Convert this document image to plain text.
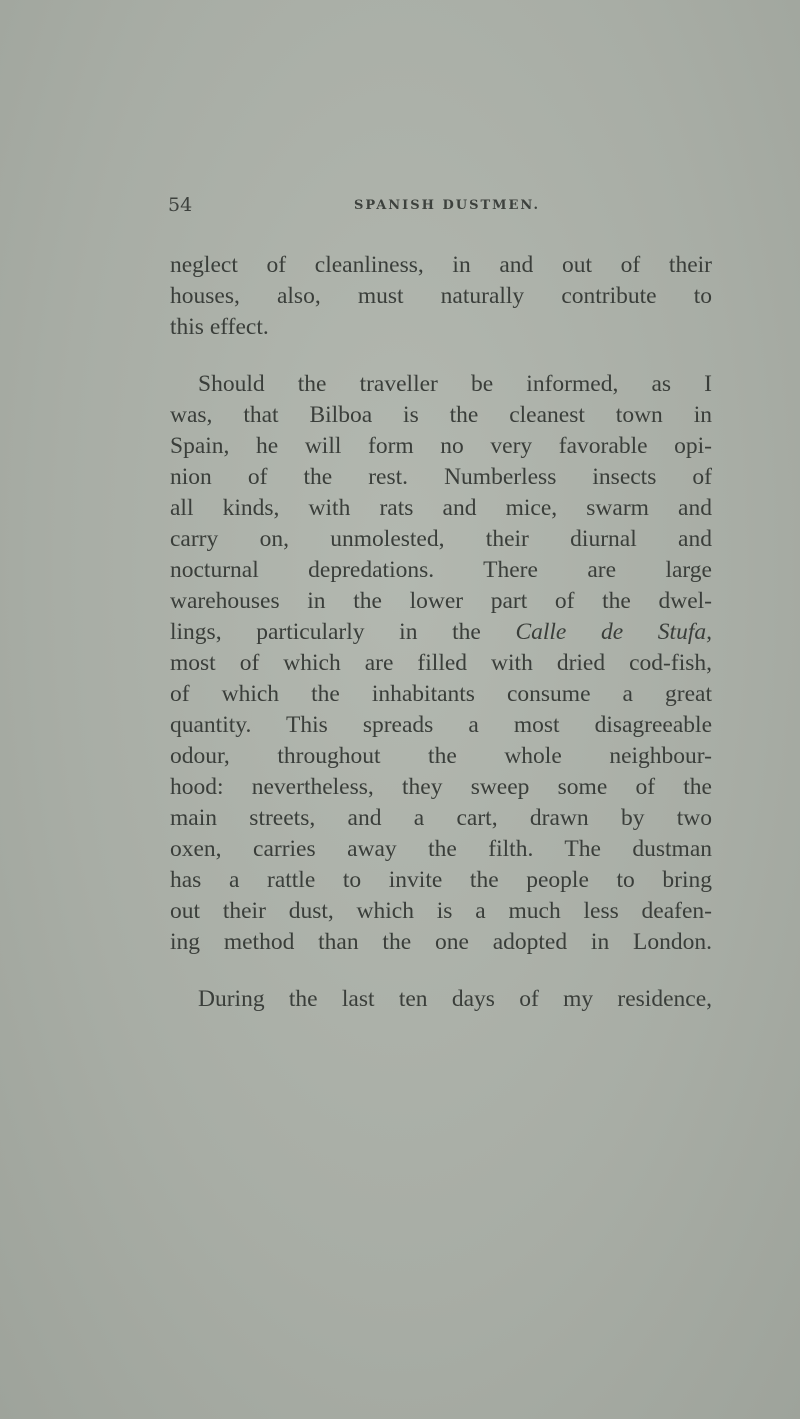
54	SPANISH DUSTMEN.
neglect of cleanliness, in and out of their
houses, also, must naturally contribute to
this effect.
Should the traveller be informed, as I
was, that Bilboa is the cleanest town in
Spain, he will form no very favorable opi-
nion of the rest. Numberless insects of
all kinds, with rats and mice, swarm and
carry on, unmolested, their diurnal and
nocturnal depredations. There are large
warehouses in the lower part of the dwel-
lings, particularly in the Calle de Stufa,
most of which are filled with dried cod-fish,
of which the inhabitants consume a great
quantity. This spreads a most disagreeable
odour, throughout the whole neighbour-
hood: nevertheless, they sweep some of the
main streets, and a cart, drawn by two
oxen, carries away the filth. The dustman
has a rattle to invite the people to bring
out their dust, which is a much less deafen-
ing method than the one adopted in London.
During the last ten days of my residence,
